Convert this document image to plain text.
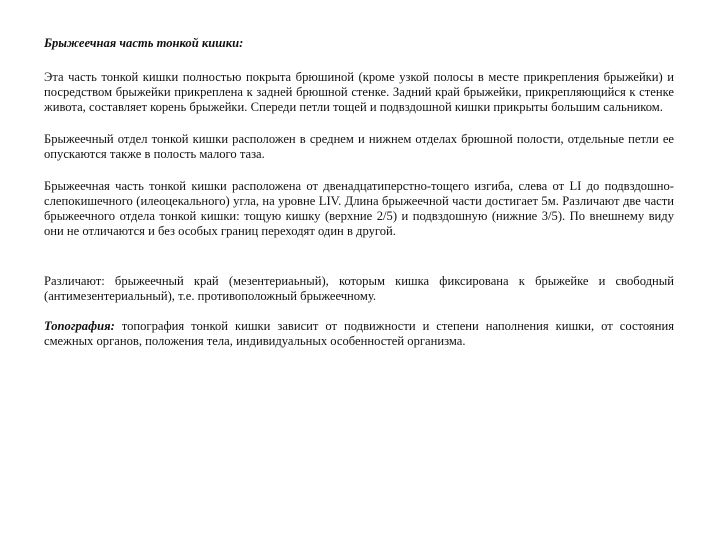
Брыжеечная часть тонкой кишки:

Эта часть тонкой кишки полностью покрыта брюшиной (кроме узкой полосы в месте прикрепления брыжейки) и посредством брыжейки прикреплена к задней брюшной стенке. Задний край брыжейки, прикрепляющийся к стенке живота, составляет корень брыжейки. Спереди петли тощей и подвздошной кишки прикрыты большим сальником.

Брыжеечный отдел тонкой кишки расположен в среднем и нижнем отделах брюшной полости, отдельные петли ее опускаются также в полость малого таза.

Брыжеечная часть тонкой кишки расположена от двенадцатиперстно-тощего изгиба, слева от LI до подвздошно-слепокишечного (илеоцекального) угла, на уровне LIV. Длина брыжеечной части достигает 5м. Различают две части брыжеечного отдела тонкой кишки: тощую кишку (верхние 2/5) и подвздошную (нижние 3/5). По внешнему виду они не отличаются и без особых границ переходят один в другой.

Различают: брыжеечный край (мезентериаьный), которым кишка фиксирована к брыжейке и свободный (антимезентериальный), т.е. противоположный брыжеечному.

Топография: топография тонкой кишки зависит от подвижности и степени наполнения кишки, от состояния смежных органов, положения тела, индивидуальных особенностей организма.
